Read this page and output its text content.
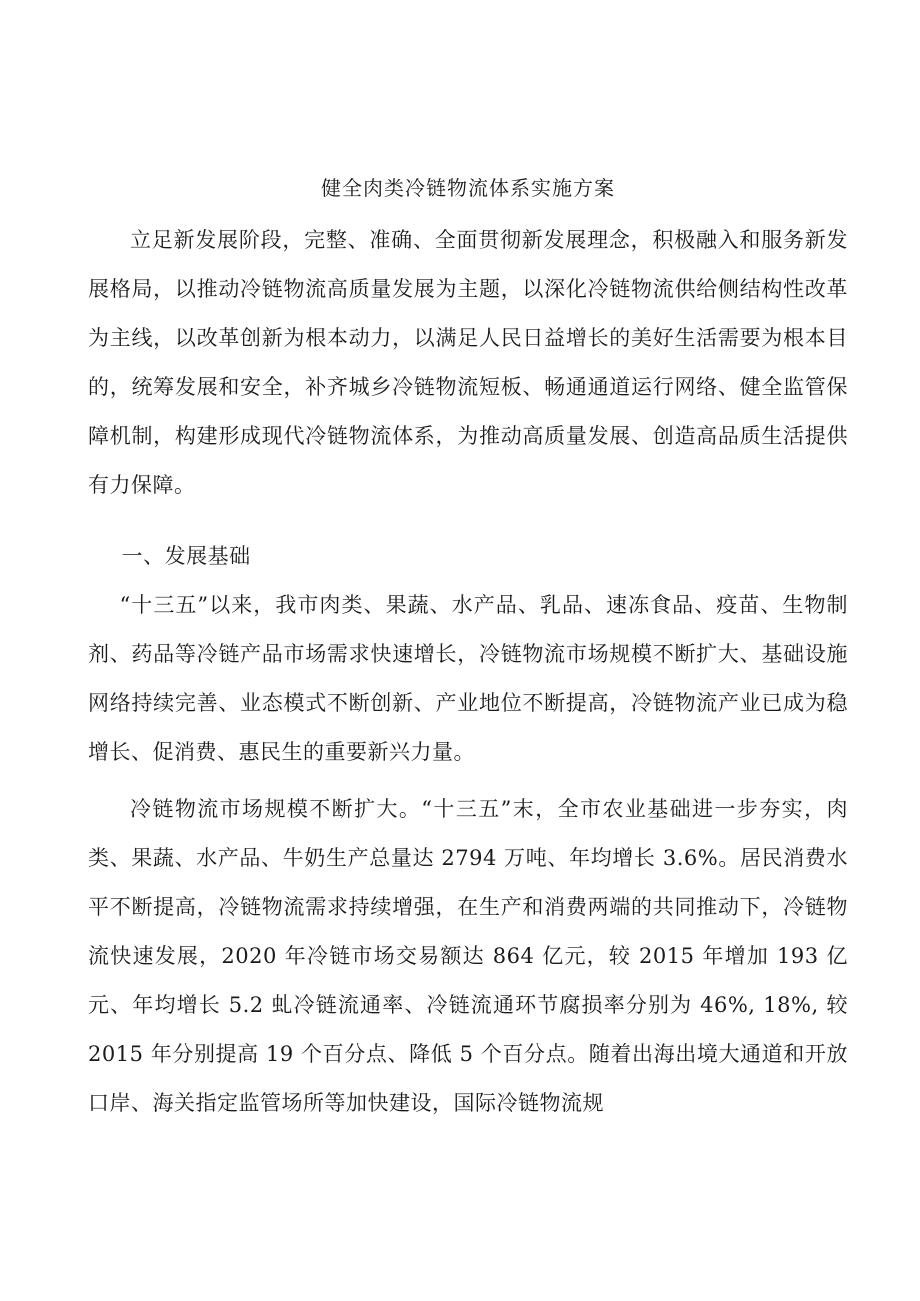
健全肉类冷链物流体系实施方案

立足新发展阶段，完整、准确、全面贯彻新发展理念，积极融入和服务新发展格局，以推动冷链物流高质量发展为主题，以深化冷链物流供给侧结构性改革为主线，以改革创新为根本动力，以满足人民日益增长的美好生活需要为根本目的，统筹发展和安全，补齐城乡冷链物流短板、畅通通道运行网络、健全监管保障机制，构建形成现代冷链物流体系，为推动高质量发展、创造高品质生活提供有力保障。

一、发展基础

“十三五”以来，我市肉类、果蔬、水产品、乳品、速冻食品、疫苗、生物制剂、药品等冷链产品市场需求快速增长，冷链物流市场规模不断扩大、基础设施网络持续完善、业态模式不断创新、产业地位不断提高，冷链物流产业已成为稳增长、促消费、惠民生的重要新兴力量。

冷链物流市场规模不断扩大。“十三五”末，全市农业基础进一步夯实，肉类、果蔬、水产品、牛奶生产总量达 2794 万吨、年均增长 3.6%。居民消费水平不断提高，冷链物流需求持续增强，在生产和消费两端的共同推动下，冷链物流快速发展，2020 年冷链市场交易额达 864 亿元，较 2015 年增加 193 亿元、年均增长 5.2 虬冷链流通率、冷链流通环节腐损率分别为 46%, 18%, 较 2015 年分别提高 19 个百分点、降低 5 个百分点。随着出海出境大通道和开放口岸、海关指定监管场所等加快建设，国际冷链物流规
